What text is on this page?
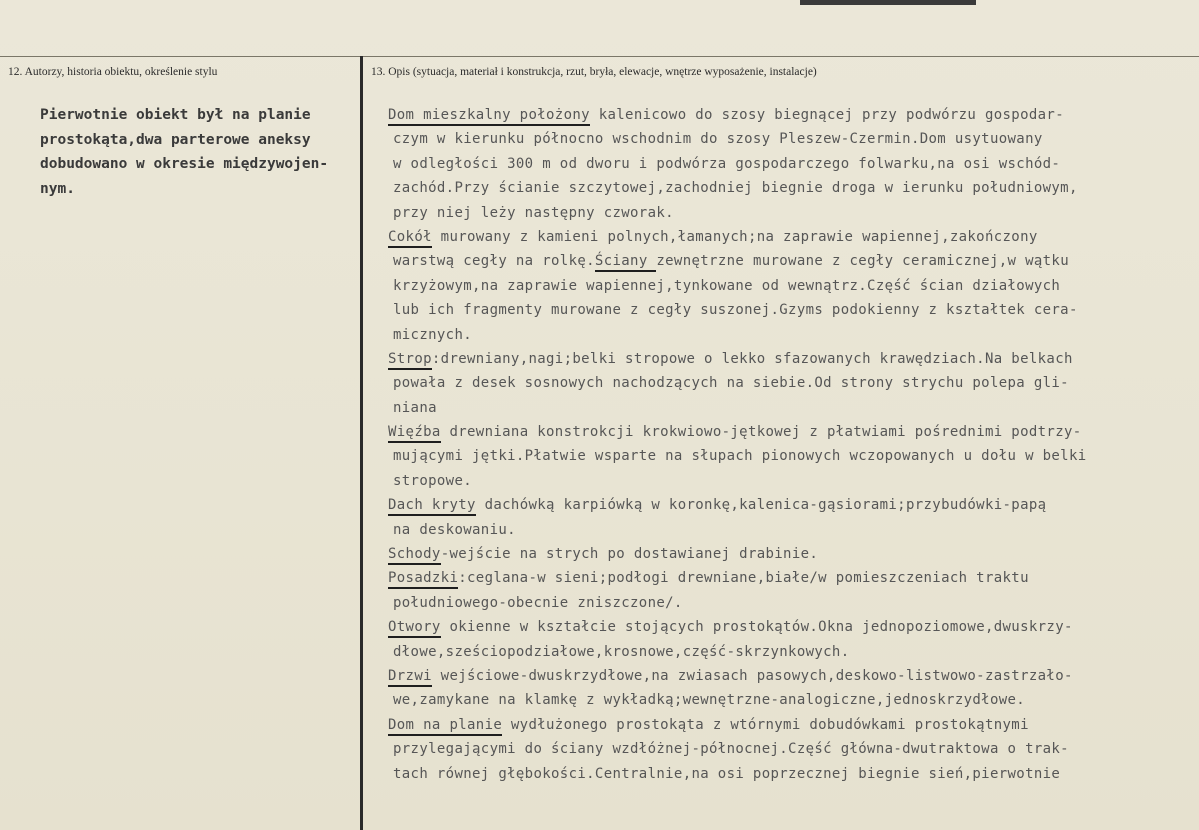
12. Autorzy, historia obiektu, określenie stylu	13. Opis (sytuacja, materiał i konstrukcja, rzut, bryła, elewacje, wnętrze wyposażenie, instalacje)
Pierwotnie obiekt był na planie
prostokąta,dwa parterowe aneksy
dobudowano w okresie międzywojen-
nym.
Dom mieszkalny położony kalenicowo do szosy biegnącej przy podwórzu gospodar-
czym w kierunku północno wschodnim do szosy Pleszew-Czermin.Dom usytuowany
w odległości 300 m od dworu i podwórza gospodarczego folwarku,na osi wschód-
zachód.Przy ścianie szczytowej,zachodniej biegnie droga w ierunku południowym,
przy niej leży następny czworak.
Cokół murowany z kamieni polnych,łamanych;na zaprawie wapiennej,zakończony
warstwą cegły na rolkę.Ściany zewnętrzne murowane z cegły ceramicznej,w wątku
krzyżowym,na zaprawie wapiennej,tynkowane od wewnątrz.Część ścian działowych
lub ich fragmenty murowane z cegły suszonej.Gzyms podokienny z kształtek cera-
micznych.
Strop:drewniany,nagi;belki stropowe o lekko sfazowanych krawędziach.Na belkach
powała z desek sosnowych nachodzących na siebie.Od strony strychu polepa gli-
niana
Więźba drewniana konstrokcji krokwiowo-jętkowej z płatwiami pośrednimi podtrzy-
mującymi jętki.Płatwie wsparte na słupach pionowych wczopowanych u dołu w belki
stropowe.
Dach kryty dachówką karpiówką w koronkę,kalenica-gąsiorami;przybudówki-papą
na deskowaniu.
Schody-wejście na strych po dostawianej drabinie.
Posadzki:ceglana-w sieni;podłogi drewniane,białe/w pomieszczeniach traktu
południowego-obecnie zniszczone/.
Otwory okienne w kształcie stojących prostokątów.Okna jednopoziomowe,dwuskrzy-
dłowe,sześciopodziałowe,krosnowe,część-skrzynkowych.
Drzwi wejściowe-dwuskrzydłowe,na zwiasach pasowych,deskowo-listwowo-zastrzało-
we,zamykane na klamkę z wykładką;wewnętrzne-analogiczne,jednoskrzydłowe.
Dom na planie wydłużonego prostokąta z wtórnymi dobudówkami prostokątnymi
przylegającymi do ściany wzdłóżnej-północnej.Część główna-dwutraktowa o trak-
tach równej głębokości.Centralnie,na osi poprzecznej biegnie sień,pierwotnie
